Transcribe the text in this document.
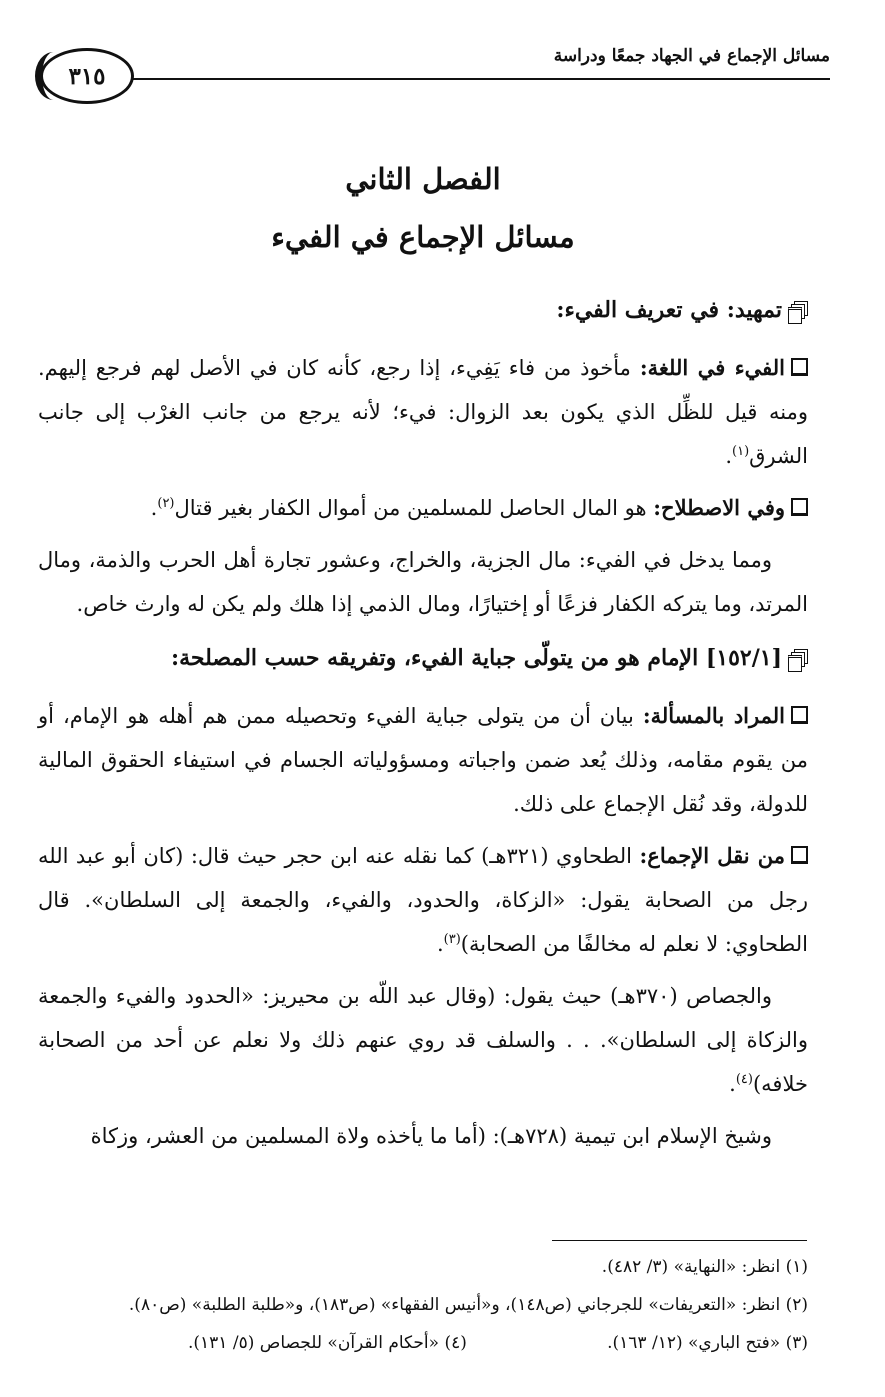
مسائل الإجماع في الجهاد جمعًا ودراسة
٣١٥
الفصل الثاني
مسائل الإجماع في الفيء
تمهيد: في تعريف الفيء:

الفيء في اللغة: مأخوذ من فاء يَفِيء، إذا رجع، كأنه كان في الأصل لهم فرجع إليهم. ومنه قيل للظِّل الذي يكون بعد الزوال: فيء؛ لأنه يرجع من جانب الغرْب إلى جانب الشرق$^{(١)}$.

وفي الاصطلاح: هو المال الحاصل للمسلمين من أموال الكفار بغير قتال$^{(٢)}$.

ومما يدخل في الفيء: مال الجزية، والخراج، وعشور تجارة أهل الحرب والذمة، ومال المرتد، وما يتركه الكفار فزعًا أو إختيارًا، ومال الذمي إذا هلك ولم يكن له وارث خاص.

[١٥٢/١] الإمام هو من يتولّى جباية الفيء، وتفريقه حسب المصلحة:

المراد بالمسألة: بيان أن من يتولى جباية الفيء وتحصيله ممن هم أهله هو الإمام، أو من يقوم مقامه، وذلك يُعد ضمن واجباته ومسؤولياته الجسام في استيفاء الحقوق المالية للدولة، وقد نُقل الإجماع على ذلك.

من نقل الإجماع: الطحاوي (٣٢١هـ) كما نقله عنه ابن حجر حيث قال: (كان أبو عبد الله رجل من الصحابة يقول: «الزكاة، والحدود، والفيء، والجمعة إلى السلطان». قال الطحاوي: لا نعلم له مخالفًا من الصحابة)$^{(٣)}$.

والجصاص (٣٧٠هـ) حيث يقول: (وقال عبد اللّه بن محيريز: «الحدود والفيء والجمعة والزكاة إلى السلطان». . . والسلف قد روي عنهم ذلك ولا نعلم عن أحد من الصحابة خلافه)$^{(٤)}$.

وشيخ الإسلام ابن تيمية (٧٢٨هـ): (أما ما يأخذه ولاة المسلمين من العشر، وزكاة

(١) انظر: «النهاية» (٣/ ٤٨٢).

(٢) انظر: «التعريفات» للجرجاني (ص١٤٨)، و«أنيس الفقهاء» (ص١٨٣)، و«طلبة الطلبة» (ص٨٠).

(٣) «فتح الباري» (١٢/ ١٦٣).

(٤) «أحكام القرآن» للجصاص (٥/ ١٣١).
